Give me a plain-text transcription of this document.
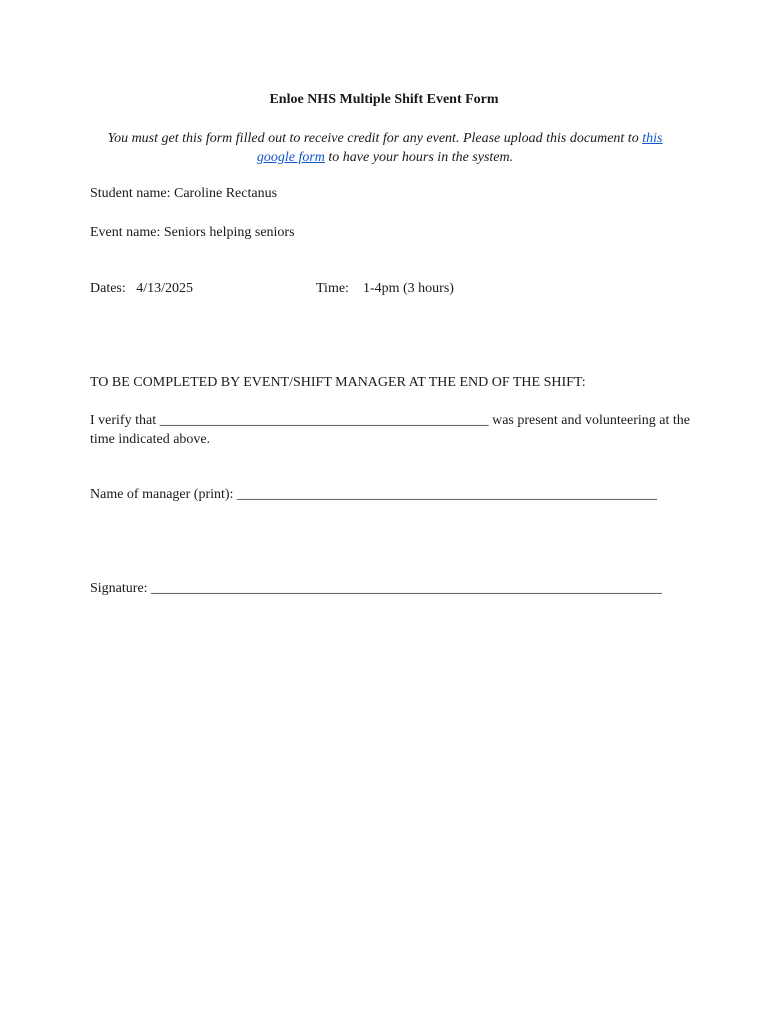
Enloe NHS Multiple Shift Event Form
You must get this form filled out to receive credit for any event. Please upload this document to this google form to have your hours in the system.
Student name: Caroline Rectanus
Event name: Seniors helping seniors
Dates: 4/13/2025	Time: 1-4pm (3 hours)
TO BE COMPLETED BY EVENT/SHIFT MANAGER AT THE END OF THE SHIFT:
I verify that _______________________________________________ was present and volunteering at the time indicated above.
Name of manager (print): ____________________________________________________________
Signature: _________________________________________________________________________
